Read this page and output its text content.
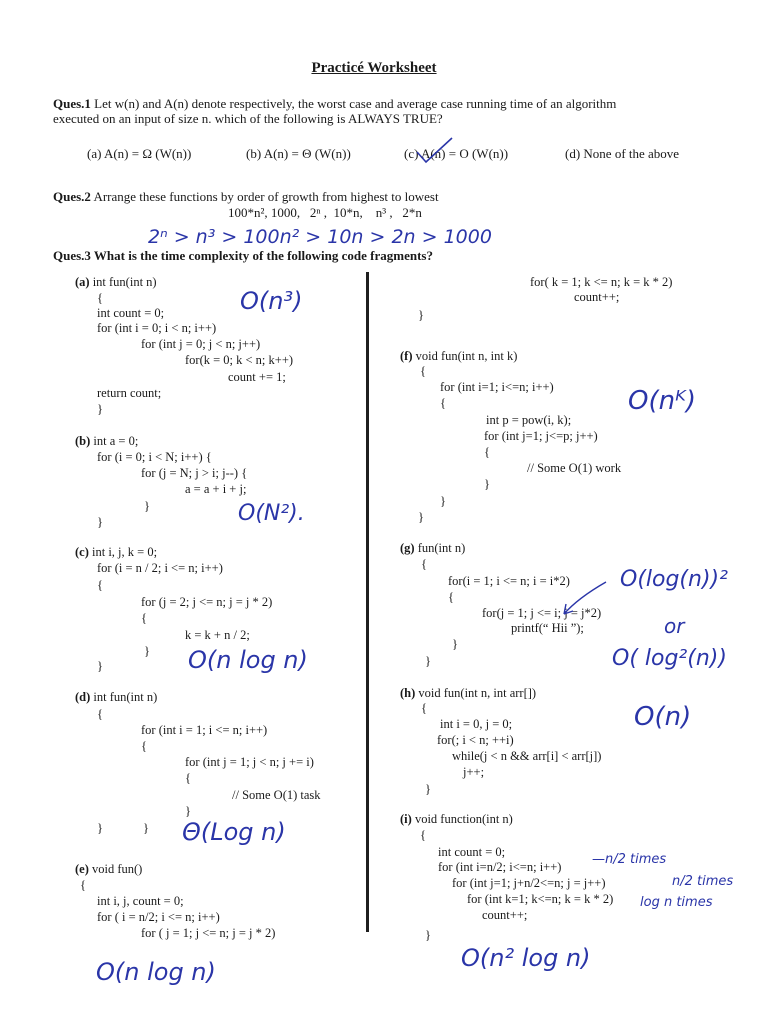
Practicé Worksheet
Ques.1 Let w(n) and A(n) denote respectively, the worst case and average case running time of an algorithm
executed on an input of size n. which of the following is ALWAYS TRUE?
(a) A(n) = Ω (W(n))	(b) A(n) = Θ (W(n))	(c) A(n) = O (W(n))	(d) None of the above
Ques.2 Arrange these functions by order of growth from highest to lowest
100*n², 1000,   2ⁿ ,  10*n,    n³ ,   2*n
2ⁿ > n³ > 100n² > 10n > 2n > 1000
Ques.3 What is the time complexity of the following code fragments?
(a) int fun(int n)
{
int count = 0;
for (int i = 0; i < n; i++)
for (int j = 0; j < n; j++)
for(k = 0; k < n; k++)
count += 1;
return count;
}
O(n³)
(b) int a = 0;
for (i = 0; i < N; i++) {
for (j = N; j > i; j--) {
a = a + i + j;
}
}	O(N²).
(c) int i, j, k = 0;
for (i = n / 2; i <= n; i++)
{
for (j = 2; j <= n; j = j * 2)
{
k = k + n / 2;
}
}	O(n log n)
(d) int fun(int n)
{
for (int i = 1; i <= n; i++)
{
for (int j = 1; j < n; j += i)
{
// Some O(1) task
}
}	} Θ(Log n)
(e) void fun()
{
int i, j, count = 0;
for ( i = n/2; i <= n; i++)
for ( j = 1; j <= n; j = j * 2)
for( k = 1; k <= n; k = k * 2)
count++;
}
O(n log n)
(f) void fun(int n, int k)
{
for (int i=1; i<=n; i++)
{
int p = pow(i, k);
for (int j=1; j<=p; j++)
{
// Some O(1) work
}
}
}
O(nᴷ)
(g) fun(int n)
{
for(i = 1; i <= n; i = i*2)
{
for(j = 1; j <= i; j = j*2)
printf(“ Hii ”);
}
}
O(log(n))²
or
O( log²(n))
(h) void fun(int n, int arr[])
{
int i = 0, j = 0;
for(; i < n; ++i)
while(j < n && arr[i] < arr[j])
j++;
}
O(n)
(i) void function(int n)
{
int count = 0;
for (int i=n/2; i<=n; i++)
for (int j=1; j+n/2<=n; j = j++)
for (int k=1; k<=n; k = k * 2)
count++;
}
—n/2 times
n/2 times
log n times
O(n² log n)
